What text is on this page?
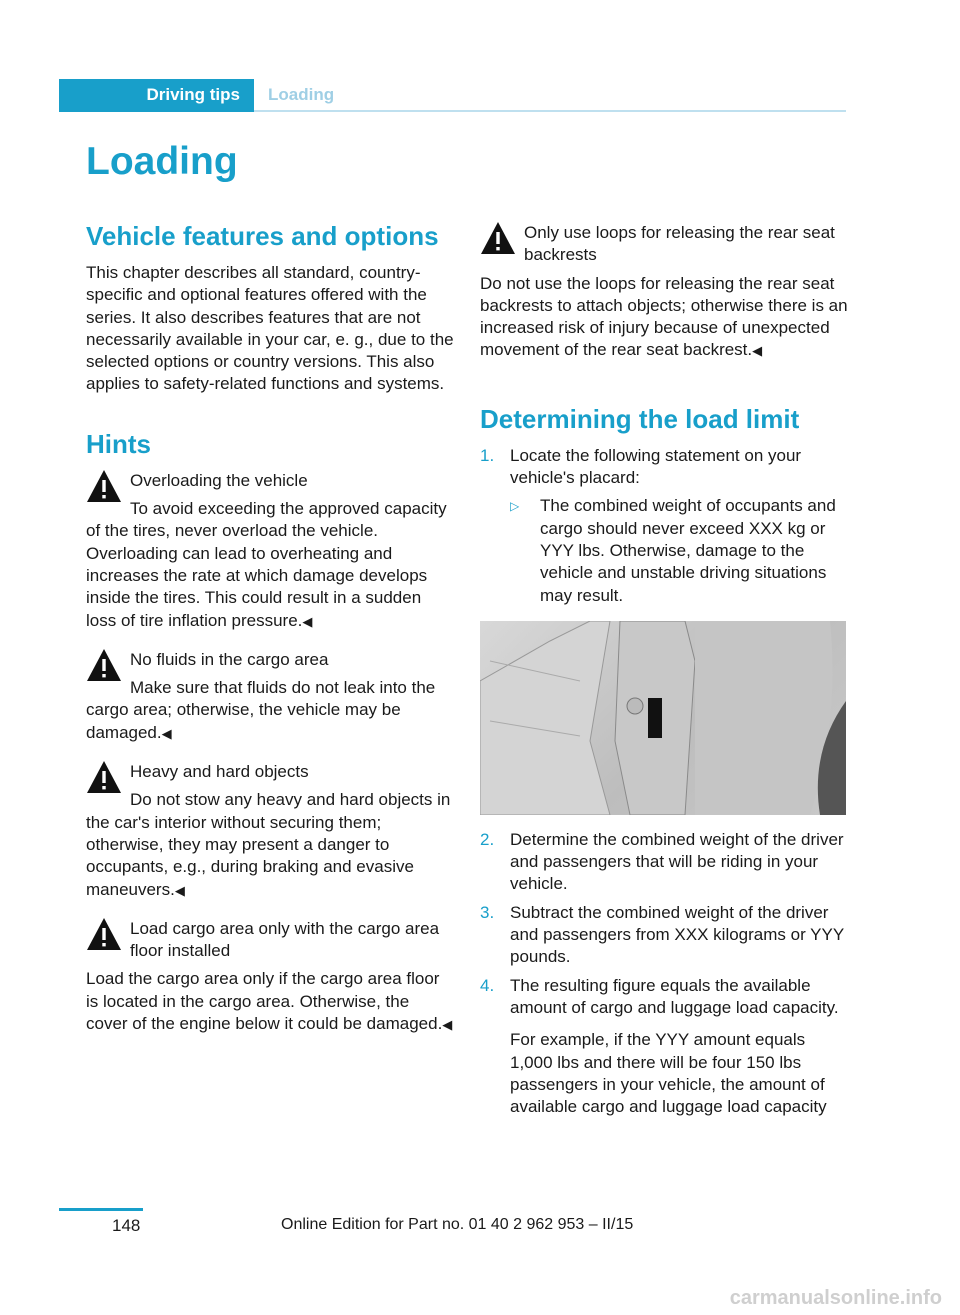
Driving tips Loading
Loading
Vehicle features and options

This chapter describes all standard, country-specific and optional features offered with the series. It also describes features that are not necessarily available in your car, e. g., due to the selected options or country versions. This also applies to safety-related functions and systems.

Hints

Overloading the vehicle

To avoid exceeding the approved capacity of the tires, never overload the vehicle. Overloading can lead to overheating and increases the rate at which damage develops inside the tires. This could result in a sudden loss of tire inflation pressure.◀

No fluids in the cargo area

Make sure that fluids do not leak into the cargo area; otherwise, the vehicle may be damaged.◀

Heavy and hard objects

Do not stow any heavy and hard objects in the car's interior without securing them; otherwise, they may present a danger to occupants, e.g., during braking and evasive maneuvers.◀

Load cargo area only with the cargo area floor installed

Load the cargo area only if the cargo area floor is located in the cargo area. Otherwise, the cover of the engine below it could be damaged.◀

Only use loops for releasing the rear seat backrests

Do not use the loops for releasing the rear seat backrests to attach objects; otherwise there is an increased risk of injury because of unexpected movement of the rear seat backrest.◀

Determining the load limit
1. Locate the following statement on your vehicle's placard:

▷ The combined weight of occupants and cargo should never exceed XXX kg or YYY lbs. Otherwise, damage to the vehicle and unstable driving situations may result.

2. Determine the combined weight of the driver and passengers that will be riding in your vehicle.

3. Subtract the combined weight of the driver and passengers from XXX kilograms or YYY pounds.

4. The resulting figure equals the available amount of cargo and luggage load capacity.

For example, if the YYY amount equals 1,000 lbs and there will be four 150 lbs passengers in your vehicle, the amount of available cargo and luggage load capacity

148	Online Edition for Part no. 01 40 2 962 953 – II/15
carmanualsonline.info
